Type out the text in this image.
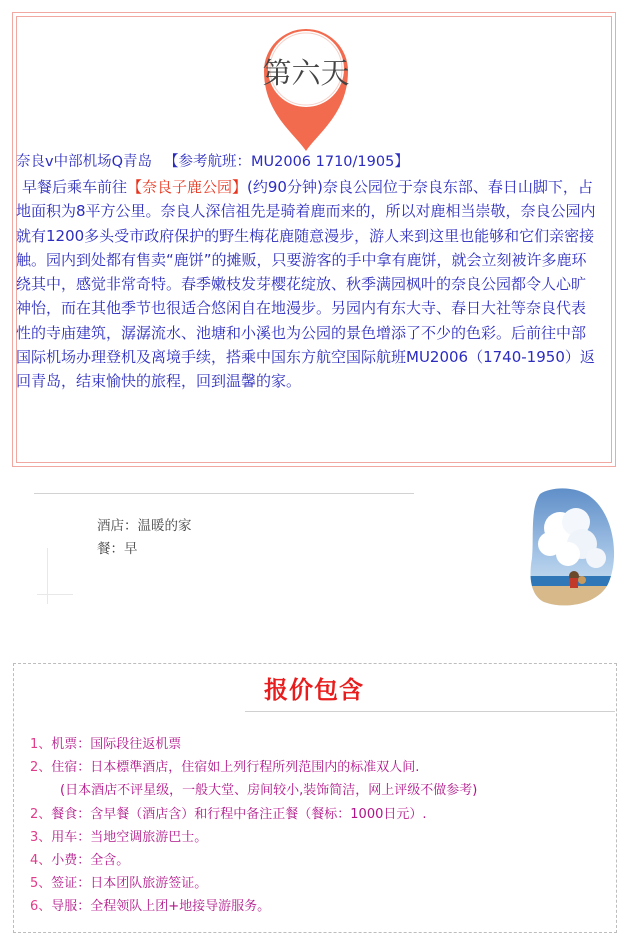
第六天
奈良v中部机场Q青岛 【参考航班：MU2006 1710/1905】

早餐后乘车前往【奈良子鹿公园】(约90分钟)奈良公园位于奈良东部、春日山脚下，占地面积为8平方公里。奈良人深信祖先是骑着鹿而来的，所以对鹿相当崇敬，奈良公园内就有1200多头受市政府保护的野生梅花鹿随意漫步，游人来到这里也能够和它们亲密接触。园内到处都有售卖“鹿饼”的摊贩，只要游客的手中拿有鹿饼，就会立刻被许多鹿环绕其中，感觉非常奇特。春季嫩枝发芽樱花绽放、秋季满园枫叶的奈良公园都令人心旷神怡，而在其他季节也很适合悠闲自在地漫步。另园内有东大寺、春日大社等奈良代表性的寺庙建筑，潺潺流水、池塘和小溪也为公园的景色增添了不少的色彩。后前往中部国际机场办理登机及离境手续，搭乘中国东方航空国际航班MU2006（1740-1950）返回青岛，结束愉快的旅程，回到温馨的家。

酒店：温暖的家
餐：早
报价包含
1、机票：国际段往返机票
2、住宿：日本標準酒店，住宿如上列行程所列范围内的标准双人间.
(日本酒店不评星级，一般大堂、房间较小,装饰简洁，网上评级不做参考)
2、餐食：含早餐（酒店含）和行程中备注正餐（餐标：1000日元）.
3、用车：当地空调旅游巴士。
4、小费：全含。
5、签证：日本团队旅游签证。
6、导服：全程领队上团+地接导游服务。
